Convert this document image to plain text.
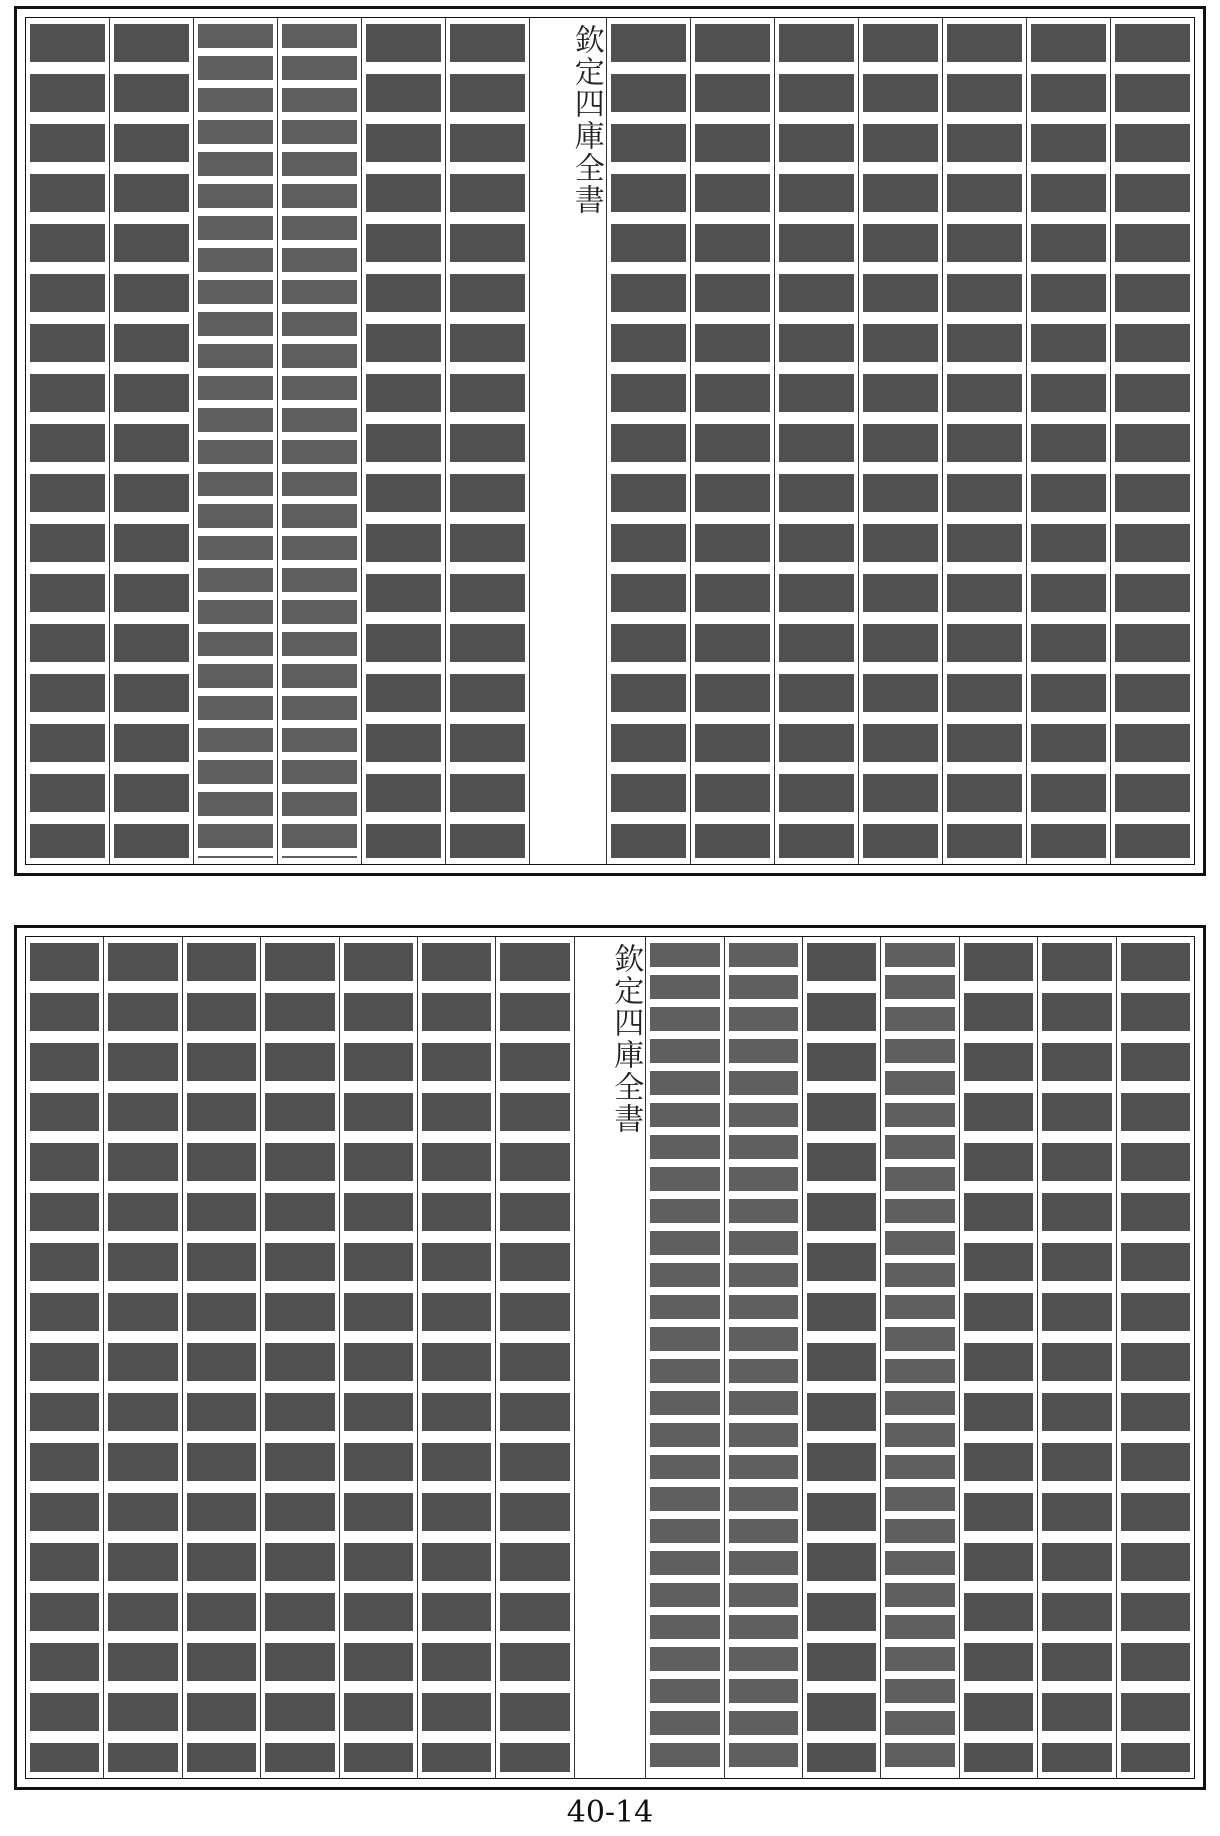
欽定四庫全書
欽定四庫全書
40-14
